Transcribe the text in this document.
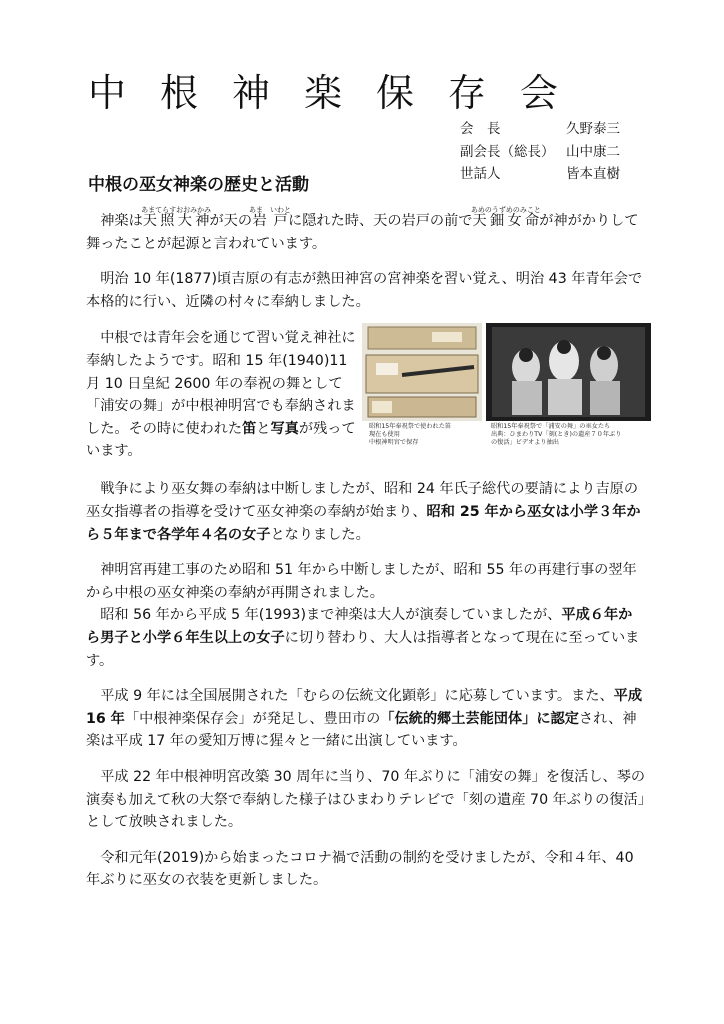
中 根 神 楽 保 存 会
会　長	久野泰三
副会長（総長） 山中康二
世話人	皆本直樹
中根の巫女神楽の歴史と活動

神楽は天照大神あまてらすおおみかみが天の岩戸あま　いわとに隠れた時、天の岩戸の前で天鈿女命あめのうずめのみことが神がかりして舞ったことが起源と言われています。

明治 10 年(1877)頃吉原の有志が熱田神宮の宮神楽を習い覚え、明治 43 年青年会で本格的に行い、近隣の村々に奉納しました。

中根では青年会を通じて習い覚え神社に奉納したようです。昭和 15 年(1940)11 月 10 日皇紀 2600 年の奉祝の舞として「浦安の舞」が中根神明宮でも奉納されました。その時に使われた笛と写真が残っています。

昭和15年奉祝祭で使われた笛
現在も使用
中根神明宮で保存
昭和15年奉祝祭で「浦安の舞」の巫女たち
出典：ひまわりTV「刻(とき)の遺産７０年ぶり
の復活」ビデオより抽出

戦争により巫女舞の奉納は中断しましたが、昭和 24 年氏子総代の要請により吉原の巫女指導者の指導を受けて巫女神楽の奉納が始まり、昭和 25 年から巫女は小学３年から５年まで各学年４名の女子となりました。

神明宮再建工事のため昭和 51 年から中断しましたが、昭和 55 年の再建行事の翌年から中根の巫女神楽の奉納が再開されました。

昭和 56 年から平成 5 年(1993)まで神楽は大人が演奏していましたが、平成６年から男子と小学６年生以上の女子に切り替わり、大人は指導者となって現在に至っています。

平成 9 年には全国展開された「むらの伝統文化顕彰」に応募しています。また、平成 16 年「中根神楽保存会」が発足し、豊田市の「伝統的郷土芸能団体」に認定され、神楽は平成 17 年の愛知万博に猩々と一緒に出演しています。

平成 22 年中根神明宮改築 30 周年に当り、70 年ぶりに「浦安の舞」を復活し、琴の演奏も加えて秋の大祭で奉納した様子はひまわりテレビで「刻の遺産 70 年ぶりの復活」として放映されました。

令和元年(2019)から始まったコロナ禍で活動の制約を受けましたが、令和４年、40 年ぶりに巫女の衣装を更新しました。
